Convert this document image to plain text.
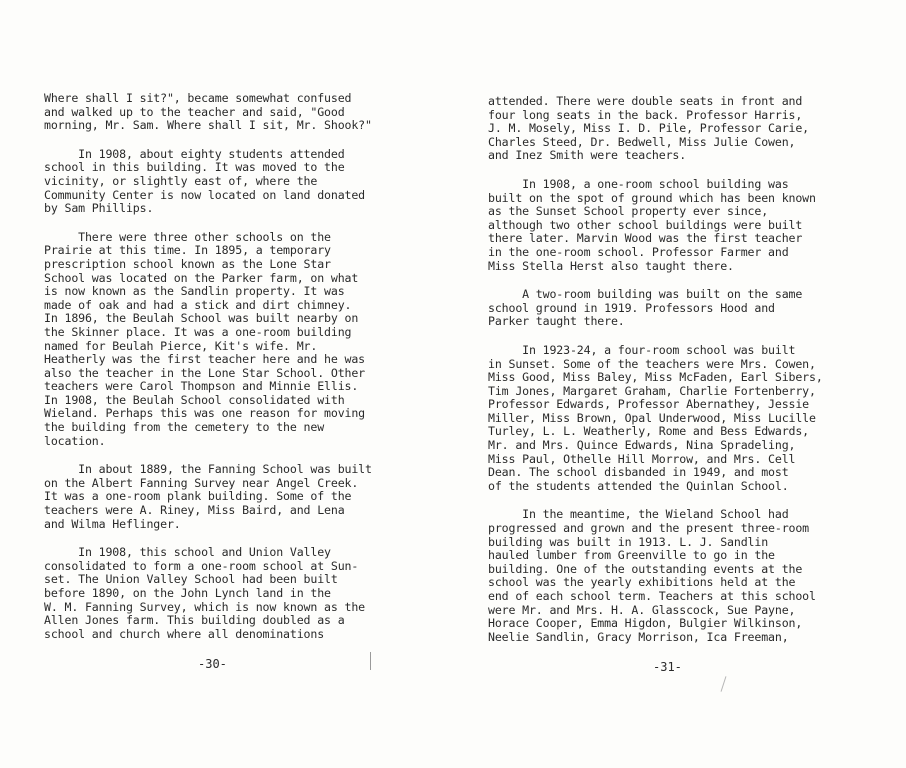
Where shall I sit?", became somewhat confused
and walked up to the teacher and said, "Good
morning, Mr. Sam. Where shall I sit, Mr. Shook?"
In 1908, about eighty students attended
school in this building. It was moved to the
vicinity, or slightly east of, where the
Community Center is now located on land donated
by Sam Phillips.
There were three other schools on the
Prairie at this time. In 1895, a temporary
prescription school known as the Lone Star
School was located on the Parker farm, on what
is now known as the Sandlin property. It was
made of oak and had a stick and dirt chimney.
In 1896, the Beulah School was built nearby on
the Skinner place. It was a one-room building
named for Beulah Pierce, Kit's wife. Mr.
Heatherly was the first teacher here and he was
also the teacher in the Lone Star School. Other
teachers were Carol Thompson and Minnie Ellis.
In 1908, the Beulah School consolidated with
Wieland. Perhaps this was one reason for moving
the building from the cemetery to the new
location.
In about 1889, the Fanning School was built
on the Albert Fanning Survey near Angel Creek.
It was a one-room plank building. Some of the
teachers were A. Riney, Miss Baird, and Lena
and Wilma Heflinger.
In 1908, this school and Union Valley
consolidated to form a one-room school at Sun-
set. The Union Valley School had been built
before 1890, on the John Lynch land in the
W. M. Fanning Survey, which is now known as the
Allen Jones farm. This building doubled as a
school and church where all denominations
-30-
attended. There were double seats in front and
four long seats in the back. Professor Harris,
J. M. Mosely, Miss I. D. Pile, Professor Carie,
Charles Steed, Dr. Bedwell, Miss Julie Cowen,
and Inez Smith were teachers.
In 1908, a one-room school building was
built on the spot of ground which has been known
as the Sunset School property ever since,
although two other school buildings were built
there later. Marvin Wood was the first teacher
in the one-room school. Professor Farmer and
Miss Stella Herst also taught there.
A two-room building was built on the same
school ground in 1919. Professors Hood and
Parker taught there.
In 1923-24, a four-room school was built
in Sunset. Some of the teachers were Mrs. Cowen,
Miss Good, Miss Baley, Miss McFaden, Earl Sibers,
Tim Jones, Margaret Graham, Charlie Fortenberry,
Professor Edwards, Professor Abernathey, Jessie
Miller, Miss Brown, Opal Underwood, Miss Lucille
Turley, L. L. Weatherly, Rome and Bess Edwards,
Mr. and Mrs. Quince Edwards, Nina Spradeling,
Miss Paul, Othelle Hill Morrow, and Mrs. Cell
Dean. The school disbanded in 1949, and most
of the students attended the Quinlan School.
In the meantime, the Wieland School had
progressed and grown and the present three-room
building was built in 1913. L. J. Sandlin
hauled lumber from Greenville to go in the
building. One of the outstanding events at the
school was the yearly exhibitions held at the
end of each school term. Teachers at this school
were Mr. and Mrs. H. A. Glasscock, Sue Payne,
Horace Cooper, Emma Higdon, Bulgier Wilkinson,
Neelie Sandlin, Gracy Morrison, Ica Freeman,
-31-
